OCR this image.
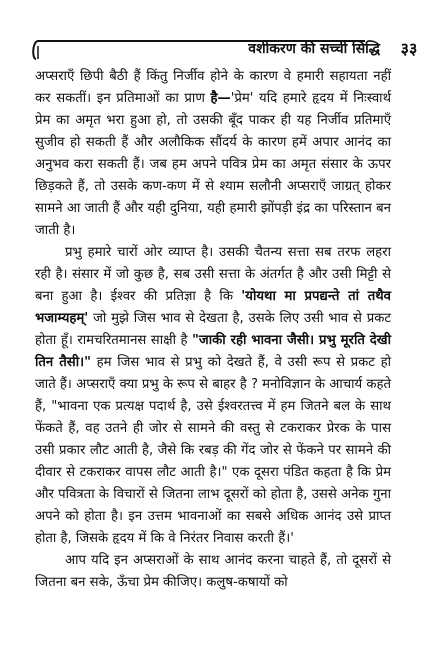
वशीकरण की सच्ची सिद्धि	३३

अप्सराएँ छिपी बैठी हैं किंतु निर्जीव होने के कारण वे हमारी सहायता नहीं कर सकतीं। इन प्रतिमाओं का प्राण है—'प्रेम' यदि हमारे हृदय में निःस्वार्थ प्रेम का अमृत भरा हुआ हो, तो उसकी बूँद पाकर ही यह निर्जीव प्रतिमाएँ सुजीव हो सकती हैं और अलौकिक सौंदर्य के कारण हमें अपार आनंद का अनुभव करा सकती हैं। जब हम अपने पवित्र प्रेम का अमृत संसार के ऊपर छिड़कते हैं, तो उसके कण-कण में से श्याम सलौनी अप्सराएँ जाग्रत् होकर सामने आ जाती हैं और यही दुनिया, यही हमारी झोंपड़ी इंद्र का परिस्तान बन जाती है।

प्रभु हमारे चारों ओर व्याप्त है। उसकी चैतन्य सत्ता सब तरफ लहरा रही है। संसार में जो कुछ है, सब उसी सत्ता के अंतर्गत है और उसी मिट्टी से बना हुआ है। ईश्वर की प्रतिज्ञा है कि 'योयथा मा प्रपद्यन्ते तां तथैव भजाम्यहम्' जो मुझे जिस भाव से देखता है, उसके लिए उसी भाव से प्रकट होता हूँ। रामचरितमानस साक्षी है "जाकी रही भावना जैसी। प्रभु मूरति देखी तिन तैसी।" हम जिस भाव से प्रभु को देखते हैं, वे उसी रूप से प्रकट हो जाते हैं। अप्सराएँ क्या प्रभु के रूप से बाहर है ? मनोविज्ञान के आचार्य कहते हैं, "भावना एक प्रत्यक्ष पदार्थ है, उसे ईश्वरतत्त्व में हम जितने बल के साथ फेंकते हैं, वह उतने ही जोर से सामने की वस्तु से टकराकर प्रेरक के पास उसी प्रकार लौट आती है, जैसे कि रबड़ की गेंद जोर से फेंकने पर सामने की दीवार से टकराकर वापस लौट आती है।" एक दूसरा पंडित कहता है कि प्रेम और पवित्रता के विचारों से जितना लाभ दूसरों को होता है, उससे अनेक गुना अपने को होता है। इन उत्तम भावनाओं का सबसे अधिक आनंद उसे प्राप्त होता है, जिसके हृदय में कि वे निरंतर निवास करती हैं।'

आप यदि इन अप्सराओं के साथ आनंद करना चाहते हैं, तो दूसरों से जितना बन सके, ऊँचा प्रेम कीजिए। कलुष-कषायों को
